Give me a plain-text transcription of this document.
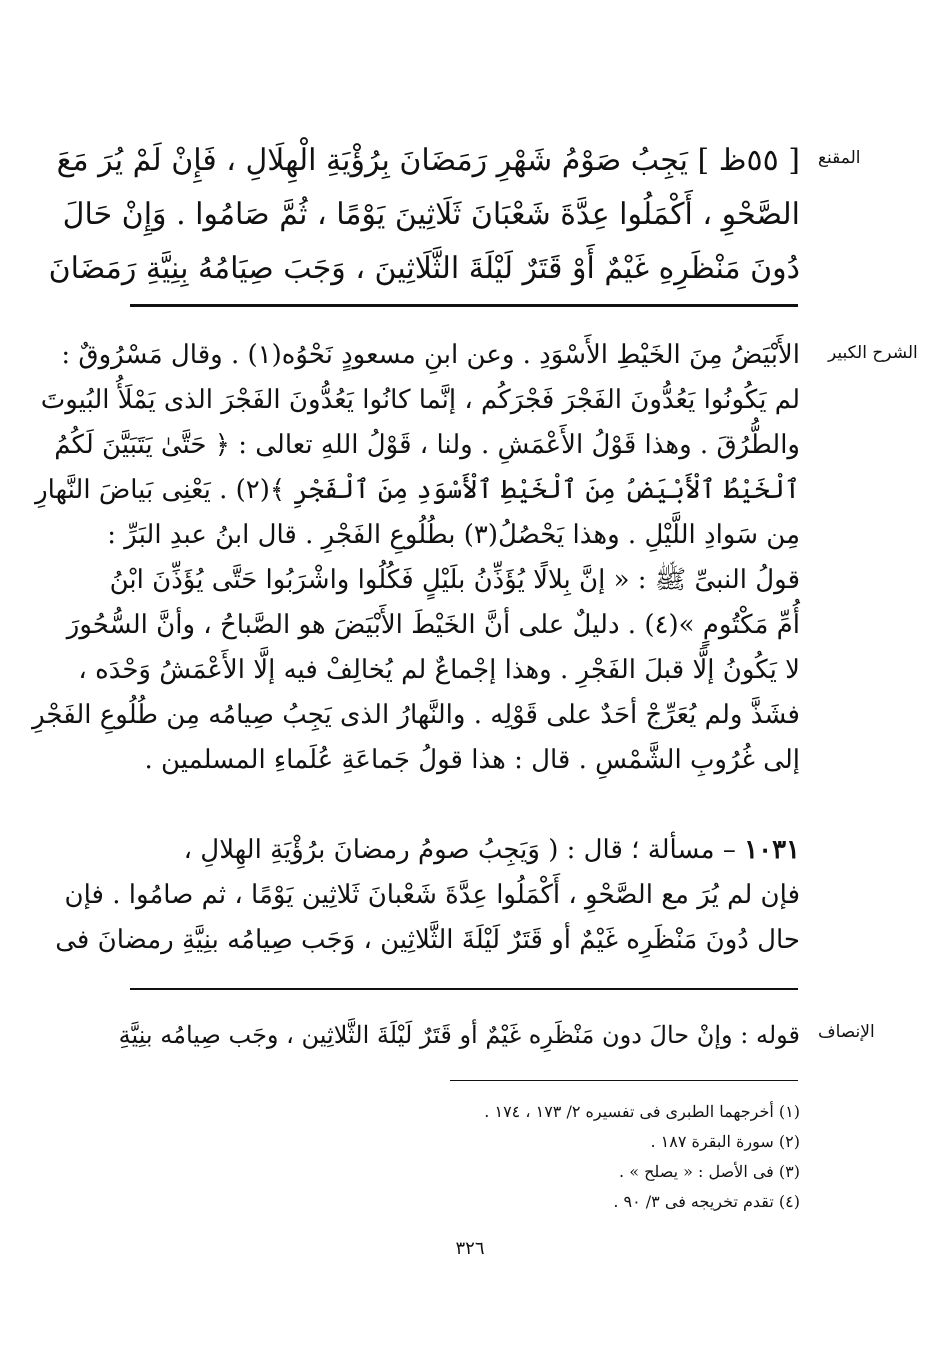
المقنع
الشرح الكبير
الإنصاف
[ ٥٥ظ ] يَجِبُ صَوْمُ شَهْرِ رَمَضَانَ بِرُؤْيَةِ الْهِلَالِ ، فَإِنْ لَمْ يُرَ مَعَ
الصَّحْوِ ، أَكْمَلُوا عِدَّةَ شَعْبَانَ ثَلَاثِينَ يَوْمًا ، ثُمَّ صَامُوا . وَإِنْ حَالَ
دُونَ مَنْظَرِهِ غَيْمٌ أَوْ قَتَرٌ لَيْلَةَ الثَّلَاثِينَ ، وَجَبَ صِيَامُهُ بِنِيَّةِ رَمَضَانَ
الأَبْيَضُ مِنَ الخَيْطِ الأَسْوَدِ . وعن ابنِ مسعودٍ نَحْوُه(١) . وقال مَسْرُوقٌ :
لم يَكُونُوا يَعُدُّونَ الفَجْرَ فَجْرَكُم ، إنَّما كانُوا يَعُدُّونَ الفَجْرَ الذى يَمْلَأُ البُيوتَ
والطُّرُقَ . وهذا قَوْلُ الأَعْمَشِ . ولنا ، قَوْلُ اللهِ تعالى : ﴿ حَتَّىٰ يَتَبَيَّنَ لَكُمُ
ٱلْخَيْطُ ٱلْأَبْيَضُ مِنَ ٱلْخَيْطِ ٱلْأَسْوَدِ مِنَ ٱلْفَجْرِ ﴾(٢) . يَعْنِى بَياضَ النَّهارِ
مِن سَوادِ اللَّيْلِ . وهذا يَحْصُلُ(٣) بطُلُوعِ الفَجْرِ . قال ابنُ عبدِ البَرِّ :
قولُ النبىِّ ﷺ : « إنَّ بِلالًا يُؤَذِّنُ بلَيْلٍ فَكُلُوا واشْرَبُوا حَتَّى يُؤَذِّنَ ابْنُ
أُمِّ مَكْتُومٍ »(٤) . دليلٌ على أنَّ الخَيْطَ الأَبْيَضَ هو الصَّباحُ ، وأنَّ السُّحُورَ
لا يَكُونُ إلَّا قبلَ الفَجْرِ . وهذا إجْماعٌ لم يُخالِفْ فيه إلَّا الأَعْمَشُ وَحْدَه ،
فشَذَّ ولم يُعَرِّجْ أحَدٌ على قَوْلِه . والنَّهارُ الذى يَجِبُ صِيامُه مِن طُلُوعِ الفَجْرِ
إلى غُرُوبِ الشَّمْسِ . قال : هذا قولُ جَماعَةِ عُلَماءِ المسلمين .
١٠٣١ – مسألة ؛ قال : ( وَيَجِبُ صومُ رمضانَ برُؤْيَةِ الهِلالِ ،
فإن لم يُرَ مع الصَّحْوِ ، أَكْمَلُوا عِدَّةَ شَعْبانَ ثَلاثِين يَوْمًا ، ثم صامُوا . فإن
حال دُونَ مَنْظَرِه غَيْمٌ أو قَتَرٌ لَيْلَةَ الثَّلاثِين ، وَجَب صِيامُه بنِيَّةِ رمضانَ فى
قوله : وإنْ حالَ دون مَنْظَرِه غَيْمٌ أو قَتَرٌ لَيْلَةَ الثَّلاثِين ، وجَب صِيامُه بنِيَّةِ
(١) أخرجهما الطبرى فى تفسيره ٢/ ١٧٣ ، ١٧٤ .
(٢) سورة البقرة ١٨٧ .
(٣) فى الأصل : « يصلح » .
(٤) تقدم تخريجه فى ٣/ ٩٠ .
٣٢٦
